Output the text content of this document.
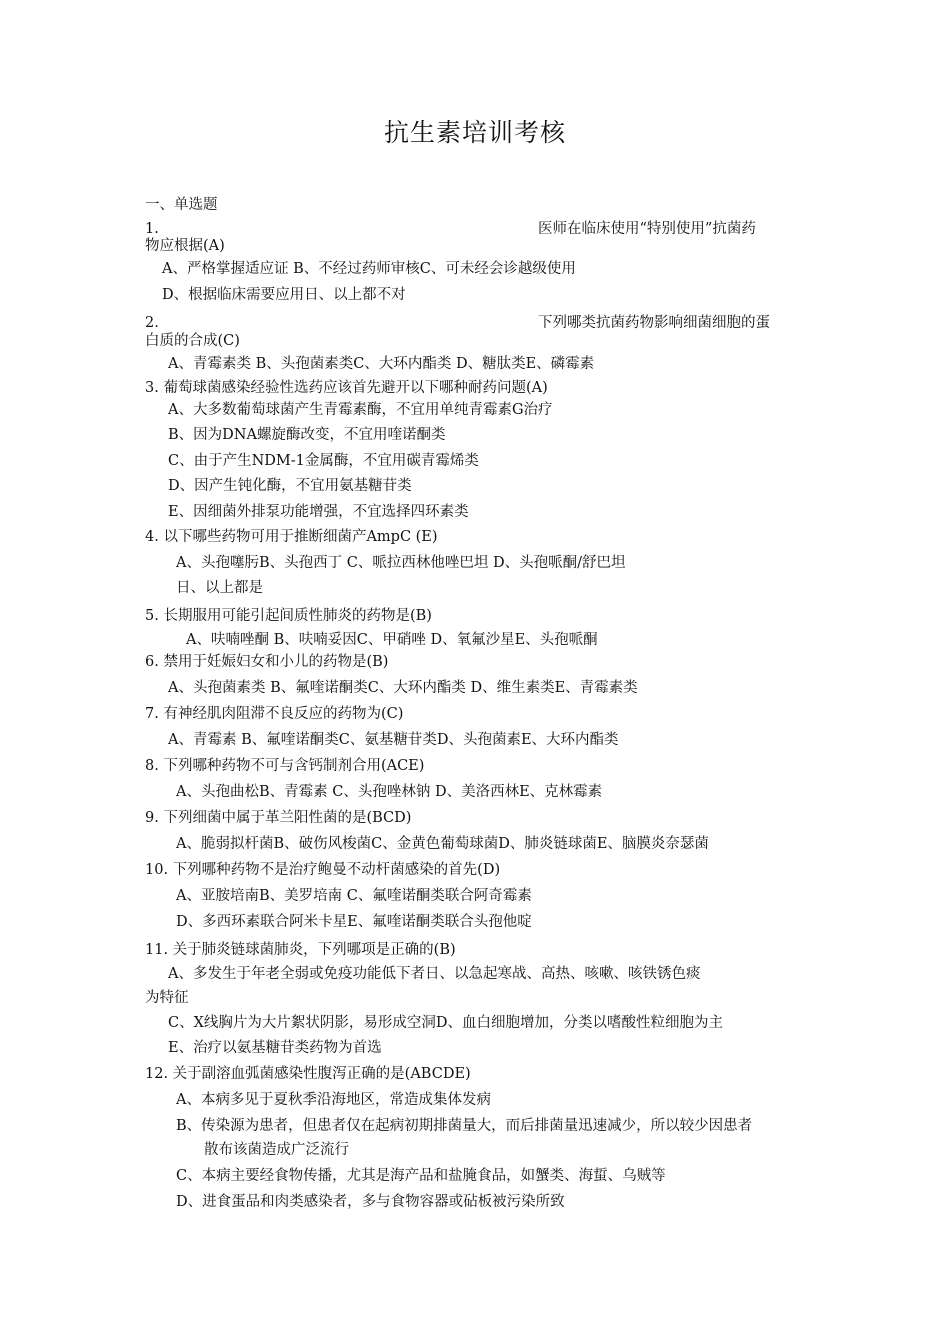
抗生素培训考核
一、单选题
1.	医师在临床使用“特别使用”抗菌药
物应根据(A)
A、严格掌握适应证 B、不经过药师审核C、可未经会诊越级使用
D、根据临床需要应用日、以上都不对
2.	下列哪类抗菌药物影响细菌细胞的蛋
白质的合成(C)
A、青霉素类 B、头孢菌素类C、大环内酯类 D、糖肽类E、磷霉素
3. 葡萄球菌感染经验性选药应该首先避开以下哪种耐药问题(A)
A、大多数葡萄球菌产生青霉素酶，不宜用单纯青霉素G治疗
B、因为DNA螺旋酶改变，不宜用喹诺酮类
C、由于产生NDM-1金属酶，不宜用碳青霉烯类
D、因产生钝化酶，不宜用氨基糖苷类
E、因细菌外排泵功能增强，不宜选择四环素类
4. 以下哪些药物可用于推断细菌产AmpC (E)
A、头孢噻肟B、头孢西丁 C、哌拉西林他唑巴坦 D、头孢哌酮/舒巴坦
日、以上都是
5. 长期服用可能引起间质性肺炎的药物是(B)
A、呋喃唑酮 B、呋喃妥因C、甲硝唑 D、氧氟沙星E、头孢哌酮
6. 禁用于妊娠妇女和小儿的药物是(B)
A、头孢菌素类 B、氟喹诺酮类C、大环内酯类 D、维生素类E、青霉素类
7. 有神经肌肉阻滞不良反应的药物为(C)
A、青霉素 B、氟喹诺酮类C、氨基糖苷类D、头孢菌素E、大环内酯类
8. 下列哪种药物不可与含钙制剂合用(ACE)
A、头孢曲松B、青霉素 C、头孢唑林钠 D、美洛西林E、克林霉素
9. 下列细菌中属于革兰阳性菌的是(BCD)
A、脆弱拟杆菌B、破伤风梭菌C、金黄色葡萄球菌D、肺炎链球菌E、脑膜炎奈瑟菌
10. 下列哪种药物不是治疗鲍曼不动杆菌感染的首先(D)
A、亚胺培南B、美罗培南 C、氟喹诺酮类联合阿奇霉素
D、多西环素联合阿米卡星E、氟喹诺酮类联合头孢他啶
11. 关于肺炎链球菌肺炎，下列哪项是正确的(B)
A、多发生于年老全弱或免疫功能低下者日、以急起寒战、高热、咳嗽、咳铁锈色痰
为特征
C、X线胸片为大片絮状阴影，易形成空洞D、血白细胞增加，分类以嗜酸性粒细胞为主
E、治疗以氨基糖苷类药物为首选
12. 关于副溶血弧菌感染性腹泻正确的是(ABCDE)
A、本病多见于夏秋季沿海地区，常造成集体发病
B、传染源为患者，但患者仅在起病初期排菌量大，而后排菌量迅速减少，所以较少因患者
散布该菌造成广泛流行
C、本病主要经食物传播，尤其是海产品和盐腌食品，如蟹类、海蜇、乌贼等
D、进食蛋品和肉类感染者，多与食物容器或砧板被污染所致
